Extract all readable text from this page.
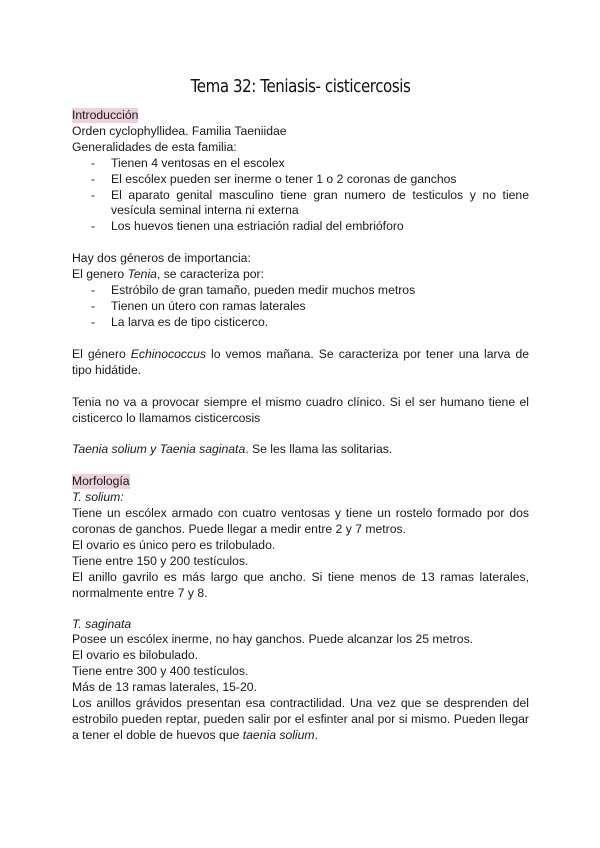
Tema 32: Teniasis- cisticercosis
Introducción
Orden cyclophyllidea. Familia Taeniidae
Generalidades de esta familia:
- Tienen 4 ventosas en el escolex
- El escólex pueden ser inerme o tener 1 o 2 coronas de ganchos
- El aparato genital masculino tiene gran numero de testiculos y no tiene vesícula seminal interna ni externa
- Los huevos tienen una estriación radial del embrióforo
Hay dos géneros de importancia:
El genero Tenia, se caracteriza por:
- Estróbilo de gran tamaño, pueden medir muchos metros
- Tienen un útero con ramas laterales
- La larva es de tipo cisticerco.
El género Echinococcus lo vemos mañana. Se caracteriza por tener una larva de tipo hidátide.
Tenia no va a provocar siempre el mismo cuadro clínico. Si el ser humano tiene el cisticerco lo llamamos cisticercosis
Taenia solium y Taenia saginata. Se les llama las solitarias.
Morfología
T. solium:
Tiene un escólex armado con cuatro ventosas y tiene un rostelo formado por dos coronas de ganchos. Puede llegar a medir entre 2 y 7 metros.
El ovario es único pero es trilobulado.
Tiene entre 150 y 200 testículos.
El anillo gavrilo es más largo que ancho. Si tiene menos de 13 ramas laterales, normalmente entre 7 y 8.
T. saginata
Posee un escólex inerme, no hay ganchos. Puede alcanzar los 25 metros.
El ovario es bilobulado.
Tiene entre 300 y 400 testículos.
Más de 13 ramas laterales, 15-20.
Los anillos grávidos presentan esa contractilidad. Una vez que se desprenden del estrobilo pueden reptar, pueden salir por el esfinter anal por si mismo. Pueden llegar a tener el doble de huevos que taenia solium.
